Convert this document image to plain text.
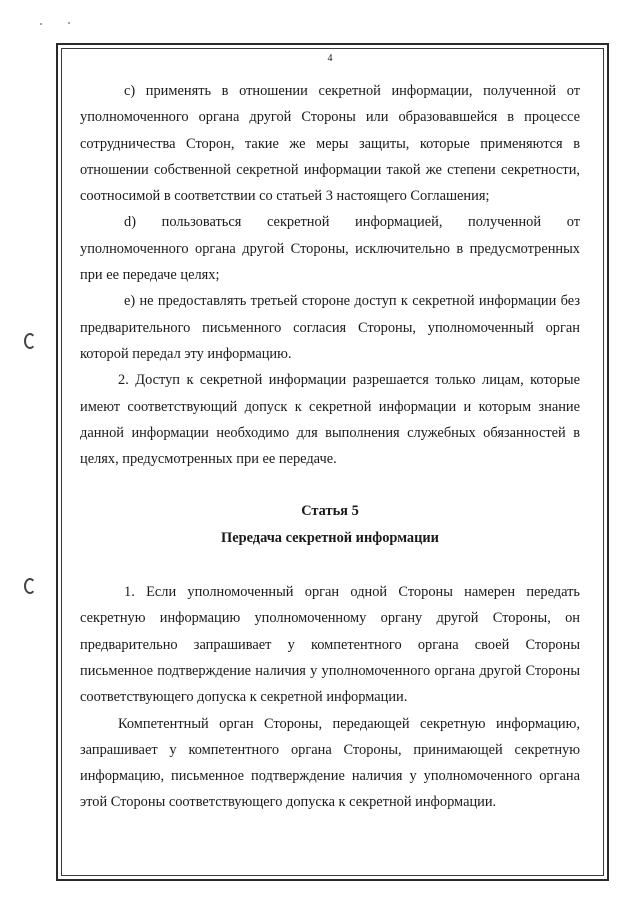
4

c) применять в отношении секретной информации, полученной от уполномоченного органа другой Стороны или образовавшейся в процессе сотрудничества Сторон, такие же меры защиты, которые применяются в отношении собственной секретной информации такой же степени секретности, соотносимой в соответствии со статьей 3 настоящего Соглашения;

d) пользоваться секретной информацией, полученной от уполномоченного органа другой Стороны, исключительно в предусмотренных при ее передаче целях;

e) не предоставлять третьей стороне доступ к секретной информации без предварительного письменного согласия Стороны, уполномоченный орган которой передал эту информацию.

2. Доступ к секретной информации разрешается только лицам, которые имеют соответствующий допуск к секретной информации и которым знание данной информации необходимо для выполнения служебных обязанностей в целях, предусмотренных при ее передаче.

Статья 5
Передача секретной информации

1. Если уполномоченный орган одной Стороны намерен передать секретную информацию уполномоченному органу другой Стороны, он предварительно запрашивает у компетентного органа своей Стороны письменное подтверждение наличия у уполномоченного органа другой Стороны соответствующего допуска к секретной информации.

Компетентный орган Стороны, передающей секретную информацию, запрашивает у компетентного органа Стороны, принимающей секретную информацию, письменное подтверждение наличия у уполномоченного органа этой Стороны соответствующего допуска к секретной информации.
